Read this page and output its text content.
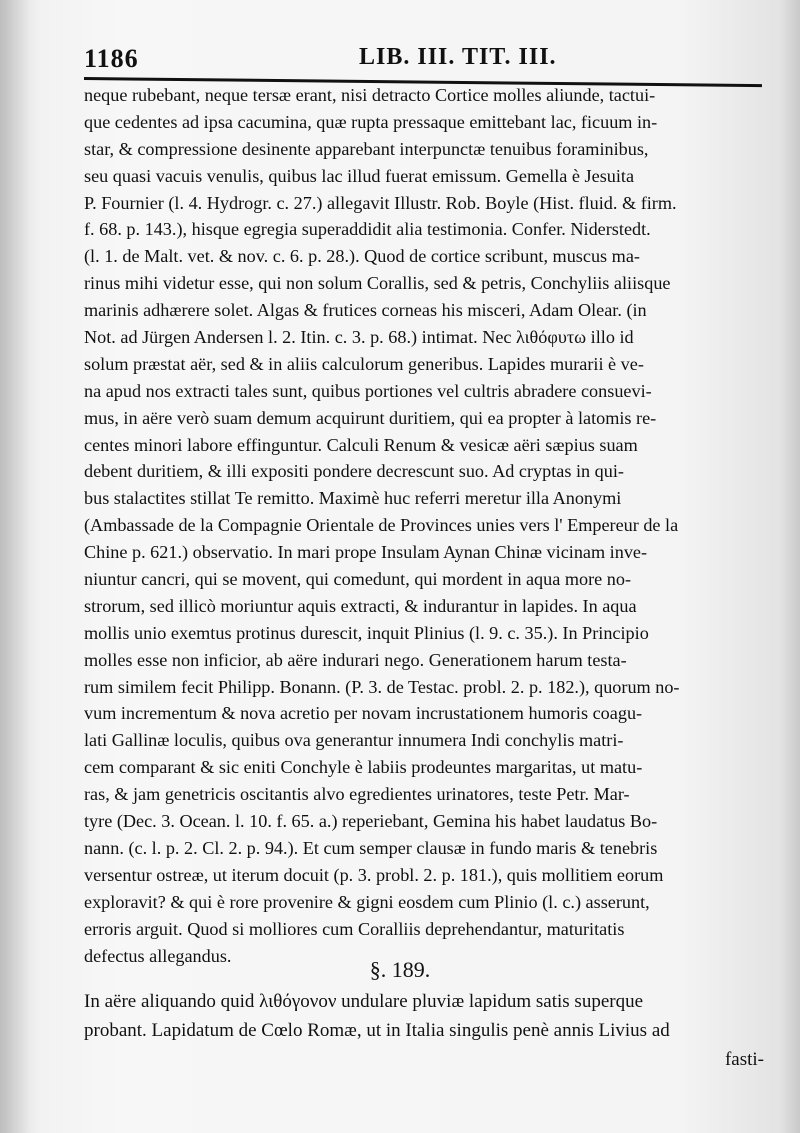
1186	LIB. III. TIT. III.
neque rubebant, neque tersæ erant, nisi detracto Cortice molles aliunde, tactui-
que cedentes ad ipsa cacumina, quæ rupta pressaque emittebant lac, ficuum in-
star, & compressione desinente apparebant interpunctæ tenuibus foraminibus,
seu quasi vacuis venulis, quibus lac illud fuerat emissum. Gemella è Jesuita
P. Fournier (l. 4. Hydrogr. c. 27.) allegavit Illustr. Rob. Boyle (Hist. fluid. & firm.
f. 68. p. 143.), hisque egregia superaddidit alia testimonia. Confer. Niderstedt.
(l. 1. de Malt. vet. & nov. c. 6. p. 28.). Quod de cortice scribunt, muscus ma-
rinus mihi videtur esse, qui non solum Corallis, sed & petris, Conchyliis aliisque
marinis adhærere solet. Algas & frutices corneas his misceri, Adam Olear. (in
Not. ad Jürgen Andersen l. 2. Itin. c. 3. p. 68.) intimat. Nec λιθόφυτω illo id
solum præstat aër, sed & in aliis calculorum generibus. Lapides murarii è ve-
na apud nos extracti tales sunt, quibus portiones vel cultris abradere consuevi-
mus, in aëre verò suam demum acquirunt duritiem, qui ea propter à latomis re-
centes minori labore effinguntur. Calculi Renum & vesicæ aëri sæpius suam
debent duritiem, & illi expositi pondere decrescunt suo. Ad cryptas in qui-
bus stalactites stillat Te remitto. Maximè huc referri meretur illa Anonymi
(Ambassade de la Compagnie Orientale de Provinces unies vers l' Empereur de la
Chine p. 621.) observatio. In mari prope Insulam Aynan Chinæ vicinam inve-
niuntur cancri, qui se movent, qui comedunt, qui mordent in aqua more no-
strorum, sed illicò moriuntur aquis extracti, & indurantur in lapides. In aqua
mollis unio exemtus protinus durescit, inquit Plinius (l. 9. c. 35.). In Principio
molles esse non inficior, ab aëre indurari nego. Generationem harum testa-
rum similem fecit Philipp. Bonann. (P. 3. de Testac. probl. 2. p. 182.), quorum no-
vum incrementum & nova acretio per novam incrustationem humoris coagu-
lati Gallinæ loculis, quibus ova generantur innumera Indi conchylis matri-
cem comparant & sic eniti Conchyle è labiis prodeuntes margaritas, ut matu-
ras, & jam genetricis oscitantis alvo egredientes urinatores, teste Petr. Mar-
tyre (Dec. 3. Ocean. l. 10. f. 65. a.) reperiebant, Gemina his habet laudatus Bo-
nann. (c. l. p. 2. Cl. 2. p. 94.). Et cum semper clausæ in fundo maris & tenebris
versentur ostreæ, ut iterum docuit (p. 3. probl. 2. p. 181.), quis mollitiem eorum
exploravit? & qui è rore provenire & gigni eosdem cum Plinio (l. c.) asserunt,
erroris arguit. Quod si molliores cum Coralliis deprehendantur, maturitatis
defectus allegandus.
§. 189.
In aëre aliquando quid λιθόγονον undulare pluviæ lapidum satis superque
probant. Lapidatum de Cœlo Romæ, ut in Italia singulis penè annis Livius ad
fasti-
